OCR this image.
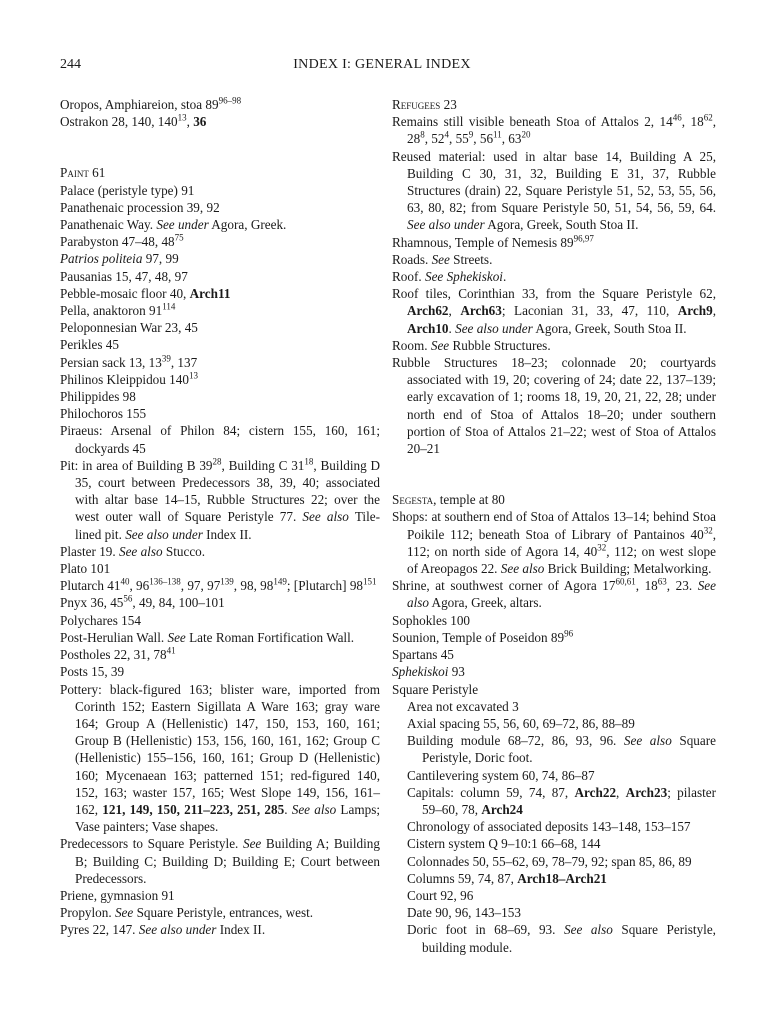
244	INDEX I: GENERAL INDEX

Oropos, Amphiareion, stoa 89$^{96-98}$

Ostrakon 28, 140, $140^{13}$, 36

Paint 61

Palace (peristyle type) 91

Panathenaic procession 39, 92

Panathenaic Way. See under Agora, Greek.

Parabyston 47–48, $48^{75}$

Patrios politeia 97, 99

Pausanias 15, 47, 48, 97

Pebble-mosaic floor 40, Arch11

Pella, anaktoron $91^{114}$

Peloponnesian War 23, 45

Perikles 45

Persian sack 13, $13^{39}$, 137

Philinos Kleippidou $140^{13}$

Philippides 98

Philochoros 155

Piraeus: Arsenal of Philon 84; cistern 155, 160, 161; dockyards 45

Pit: in area of Building B $39^{28}$, Building C $31^{18}$, Building D 35, court between Predecessors 38, 39, 40; associated with altar base 14–15, Rubble Structures 22; over the west outer wall of Square Peristyle 77. See also Tile-lined pit. See also under Index II.

Plaster 19. See also Stucco.

Plato 101

Plutarch $41^{40}$, 96$^{136-138}$, 97, $97^{139}$, 98, $98^{149}$; [Plutarch] $98^{151}$

Pnyx 36, $45^{56}$, 49, 84, 100–101

Polychares 154

Post-Herulian Wall. See Late Roman Fortification Wall.

Postholes 22, 31, $78^{41}$

Posts 15, 39

Pottery: black-figured 163; blister ware, imported from Corinth 152; Eastern Sigillata A Ware 163; gray ware 164; Group A (Hellenistic) 147, 150, 153, 160, 161; Group B (Hellenistic) 153, 156, 160, 161, 162; Group C (Hellenistic) 155–156, 160, 161; Group D (Hellenistic) 160; Mycenaean 163; patterned 151; red-figured 140, 152, 163; waster 157, 165; West Slope 149, 156, 161–162, 121, 149, 150, 211–223, 251, 285. See also Lamps; Vase painters; Vase shapes.

Predecessors to Square Peristyle. See Building A; Building B; Building C; Building D; Building E; Court between Predecessors.

Priene, gymnasion 91

Propylon. See Square Peristyle, entrances, west.

Pyres 22, 147. See also under Index II.

Refugees 23

Remains still visible beneath Stoa of Attalos 2, $14^{46}$, $18^{62}$, $28^8$, $52^4$, $55^9$, $56^{11}$, $63^{20}$

Reused material: used in altar base 14, Building A 25, Building C 30, 31, 32, Building E 31, 37, Rubble Structures (drain) 22, Square Peristyle 51, 52, 53, 55, 56, 63, 80, 82; from Square Peristyle 50, 51, 54, 56, 59, 64. See also under Agora, Greek, South Stoa II.

Rhamnous, Temple of Nemesis 89$^{96,97}$

Roads. See Streets.

Roof. See Sphekiskoi.

Roof tiles, Corinthian 33, from the Square Peristyle 62, Arch62, Arch63; Laconian 31, 33, 47, 110, Arch9, Arch10. See also under Agora, Greek, South Stoa II.

Room. See Rubble Structures.

Rubble Structures 18–23; colonnade 20; courtyards associated with 19, 20; covering of 24; date 22, 137–139; early excavation of 1; rooms 18, 19, 20, 21, 22, 28; under north end of Stoa of Attalos 18–20; under southern portion of Stoa of Attalos 21–22; west of Stoa of Attalos 20–21

Segesta, temple at 80

Shops: at southern end of Stoa of Attalos 13–14; behind Stoa Poikile 112; beneath Stoa of Library of Pantainos $40^{32}$, 112; on north side of Agora 14, $40^{32}$, 112; on west slope of Areopagos 22. See also Brick Building; Metalworking.

Shrine, at southwest corner of Agora 17$^{60,61}$, $18^{63}$, 23. See also Agora, Greek, altars.

Sophokles 100

Sounion, Temple of Poseidon $89^{96}$

Spartans 45

Sphekiskoi 93

Square Peristyle

Area not excavated 3

Axial spacing 55, 56, 60, 69–72, 86, 88–89

Building module 68–72, 86, 93, 96. See also Square Peristyle, Doric foot.

Cantilevering system 60, 74, 86–87

Capitals: column 59, 74, 87, Arch22, Arch23; pilaster 59–60, 78, Arch24

Chronology of associated deposits 143–148, 153–157

Cistern system Q 9–10:1 66–68, 144

Colonnades 50, 55–62, 69, 78–79, 92; span 85, 86, 89

Columns 59, 74, 87, Arch18–Arch21

Court 92, 96

Date 90, 96, 143–153

Doric foot in 68–69, 93. See also Square Peristyle, building module.
